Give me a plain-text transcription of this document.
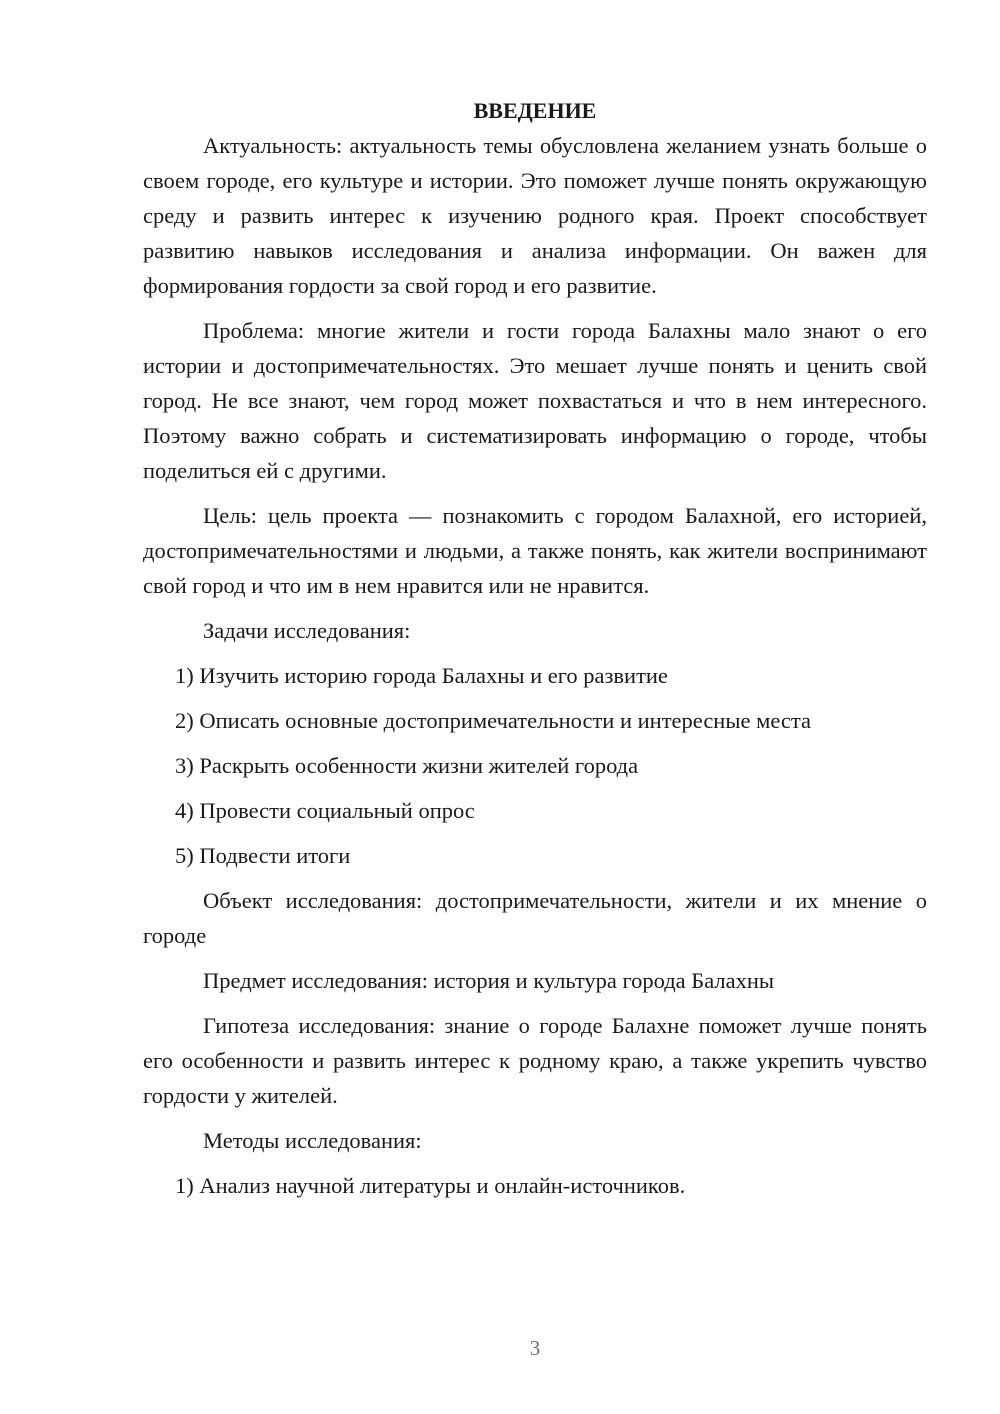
ВВЕДЕНИЕ

Актуальность: актуальность темы обусловлена желанием узнать больше о своем городе, его культуре и истории. Это поможет лучше понять окружающую среду и развить интерес к изучению родного края. Проект способствует развитию навыков исследования и анализа информации. Он важен для формирования гордости за свой город и его развитие.

Проблема: многие жители и гости города Балахны мало знают о его истории и достопримечательностях. Это мешает лучше понять и ценить свой город. Не все знают, чем город может похвастаться и что в нем интересного. Поэтому важно собрать и систематизировать информацию о городе, чтобы поделиться ей с другими.

Цель: цель проекта — познакомить с городом Балахной, его историей, достопримечательностями и людьми, а также понять, как жители воспринимают свой город и что им в нем нравится или не нравится.

Задачи исследования:

1) Изучить историю города Балахны и его развитие
2) Описать основные достопримечательности и интересные места
3) Раскрыть особенности жизни жителей города
4) Провести социальный опрос
5) Подвести итоги

Объект исследования: достопримечательности, жители и их мнение о городе

Предмет исследования: история и культура города Балахны

Гипотеза исследования: знание о городе Балахне поможет лучше понять его особенности и развить интерес к родному краю, а также укрепить чувство гордости у жителей.

Методы исследования:

1) Анализ научной литературы и онлайн-источников.
3
